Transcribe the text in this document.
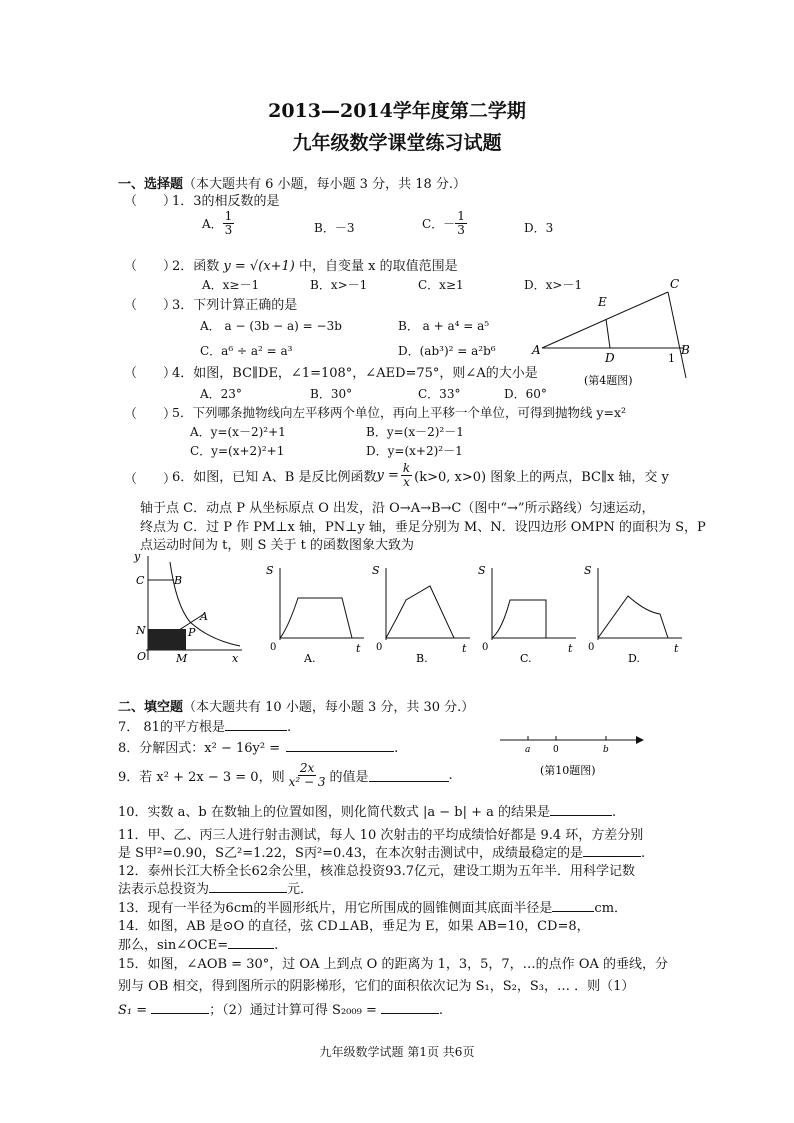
2013—2014学年度第二学期
九年级数学课堂练习试题
一、选择题（本大题共有 6 小题，每小题 3 分，共 18 分.）
（　　）
1．3的相反数的是
A． $\frac{1}{3}$	B．－3	C．－ $\frac{1}{3}$	D．3
（　　）
2．函数 y = √(x+1) 中，自变量 x 的取值范围是
A．x≥－1	B．x>－1	C．x≥1	D．x>－1
（　　）
3．下列计算正确的是
A． a − (3b − a) = −3b	B． a + a⁴ = a⁵
C．a⁶ ÷ a² = a³	D．(ab³)² = a²b⁶	A	B
C
D
E
1
(第4题图)
（　　）
4．如图，BC∥DE，∠1=108°，∠AED=75°，则∠A的大小是
A．23°	B．30°	C．33°	D．60°
（　　）
5．下列哪条抛物线向左平移两个单位，再向上平移一个单位，可得到抛物线 y=x²
A．y=(x－2)²+1	B．y=(x－2)²－1
C．y=(x+2)²+1	D．y=(x+2)²－1
（　　）
6．如图，已知 A、B 是反比例函数 $y = \frac{k}{x} (k>0$, x>0) 图象上的两点，BC∥x 轴，交 y
轴于点 C．动点 P 从坐标原点 O 出发，沿 O→A→B→C（图中“→”所示路线）匀速运动，
终点为 C．过 P 作 PM⊥x 轴，PN⊥y 轴，垂足分别为 M、N．设四边形 OMPN 的面积为 S，P
点运动时间为 t，则 S 关于 t 的函数图象大致为
y
x
C	B
A
N	P
O	M
S
t
0
A.
S
t
0
B.
S
t
0
C.
S
t
0
D.
二、填空题（本大题共有 10 小题，每小题 3 分，共 30 分.）
7． 81的平方根是	.
8．分解因式：x² − 16y² =	.	a	0	b
(第10题图)
9．若 x² + 2x − 3 = 0，则 $\frac{2x}{\text{x² − 3}}$ 的值是	.
10．实数 a、b 在数轴上的位置如图，则化简代数式 |a − b| + a 的结果是	.
11．甲、乙、丙三人进行射击测试，每人 10 次射击的平均成绩恰好都是 9.4 环，方差分别
是 S甲²=0.90，S乙²=1.22，S丙²=0.43，在本次射击测试中，成绩最稳定的是	.
12．泰州长江大桥全长62余公里，核准总投资93.7亿元，建设工期为五年半．用科学记数
法表示总投资为	元．
13．现有一半径为6cm的半圆形纸片，用它所围成的圆锥侧面其底面半径是	cm．
14．如图，AB 是⊙O 的直径，弦 CD⊥AB，垂足为 E，如果 AB=10，CD=8，
那么，sin∠OCE=	.
15．如图，∠AOB = 30°，过 OA 上到点 O 的距离为 1，3，5，7，…的点作 OA 的垂线，分
别与 OB 相交，得到图所示的阴影梯形，它们的面积依次记为 S₁，S₂，S₃，… ．则（1）
S₁ =	；（2）通过计算可得 S₂₀₀₉ =	.
九年级数学试题 第1页 共6页
